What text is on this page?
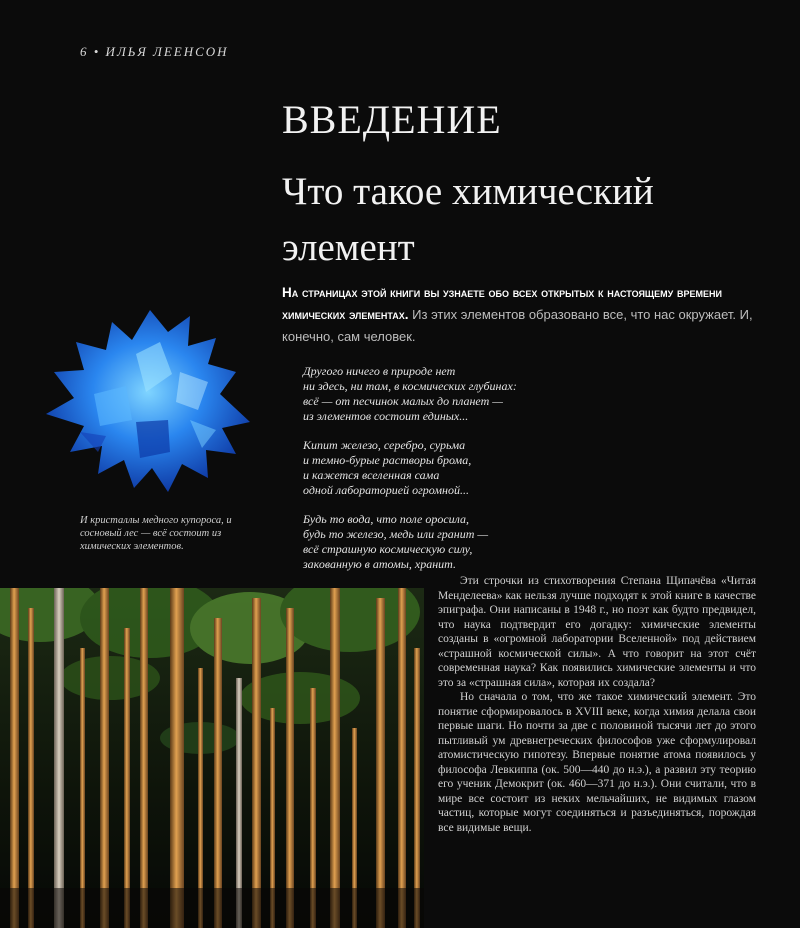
6 • ИЛЬЯ ЛЕЕНСОН
ВВЕДЕНИЕ
Что такое химический
элемент
На страницах этой книги вы узнаете обо всех открытых к настоящему времени химических элементах. Из этих элементов образовано все, что нас окружает. И, конечно, сам человек.
И кристаллы медного купороса, и сосновый лес — всё состоит из химических элементов.
Другого ничего в природе нет
ни здесь, ни там, в космических глубинах:
всё — от песчинок малых до планет —
из элементов состоит единых...
Кипит железо, серебро, сурьма
и темно-бурые растворы брома,
и кажется вселенная сама
одной лабораторией огромной...
Будь то вода, что поле оросила,
будь то железо, медь или гранит —
всё страшную космическую силу,
закованную в атомы, хранит.

Эти строчки из стихотворения Степана Щипачёва «Читая Менделеева» как нельзя лучше подходят к этой книге в качестве эпиграфа. Они написаны в 1948 г., но поэт как будто предвидел, что наука подтвердит его догадку: химические элементы созданы в «огромной лаборатории Вселенной» под действием «страшной космической силы». А что говорит на этот счёт современная наука? Как появились химические элементы и что это за «страшная сила», которая их создала?

Но сначала о том, что же такое химический элемент. Это понятие сформировалось в XVIII веке, когда химия делала свои первые шаги. Но почти за две с половиной тысячи лет до этого пытливый ум древнегреческих философов уже сформулировал атомистическую гипотезу. Впервые понятие атома появилось у философа Левкиппа (ок. 500—440 до н.э.), а развил эту теорию его ученик Демокрит (ок. 460—371 до н.э.). Они считали, что в мире все состоит из неких мельчайших, не видимых глазом частиц, которые могут соединяться и разъединяться, порождая все видимые вещи.
